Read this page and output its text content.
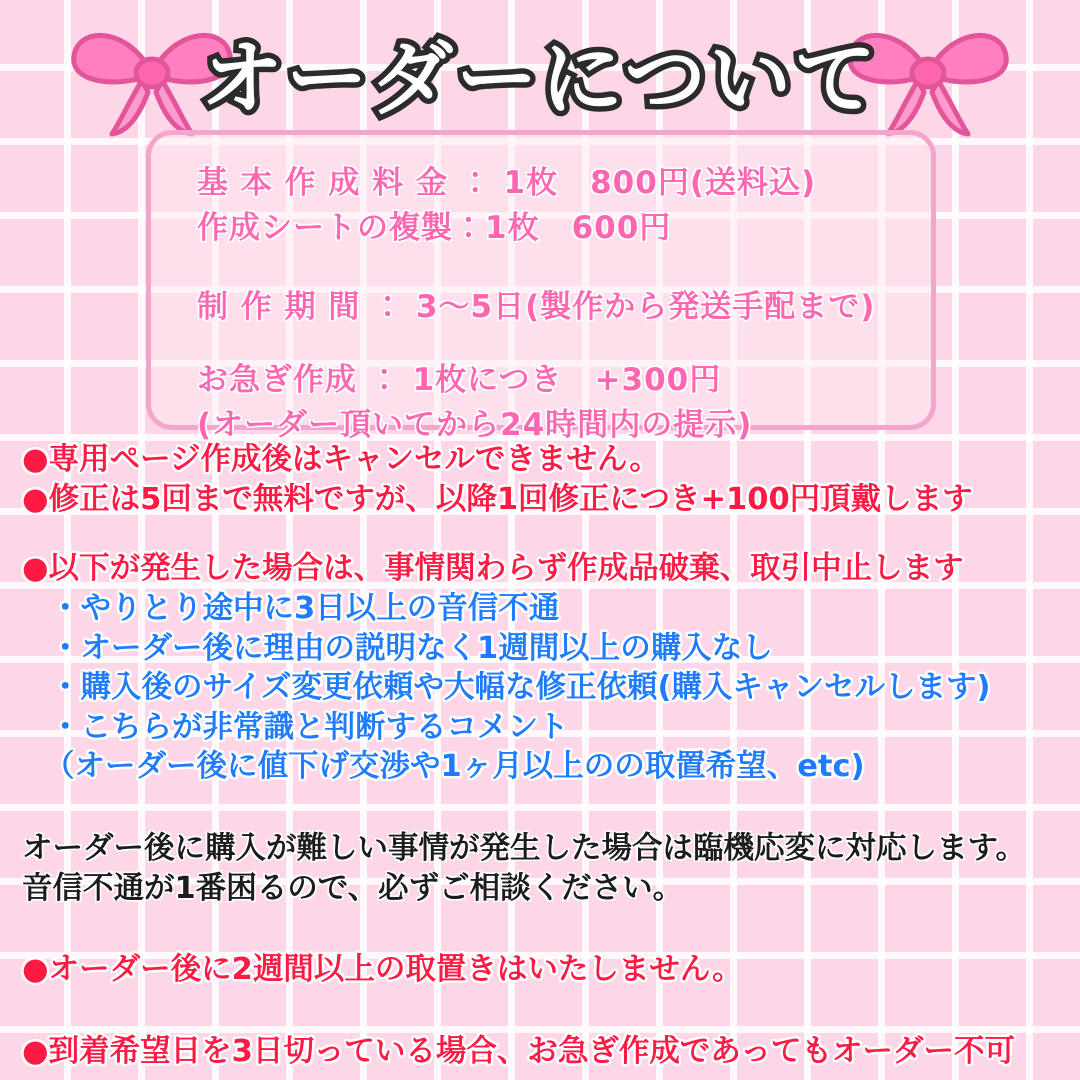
オーダーについて
基 本 作 成 料 金 ： 1枚　800円(送料込)
作成シートの複製：1枚　600円
制 作 期 間 ： 3〜5日(製作から発送手配まで)
お急ぎ作成 ： 1枚につき　+300円
(オーダー頂いてから24時間内の提示)
●専用ページ作成後はキャンセルできません。
●修正は5回まで無料ですが、以降1回修正につき+100円頂戴します
●以下が発生した場合は、事情関わらず作成品破棄、取引中止します
・やりとり途中に3日以上の音信不通
・オーダー後に理由の説明なく1週間以上の購入なし
・購入後のサイズ変更依頼や大幅な修正依頼(購入キャンセルします)
・こちらが非常識と判断するコメント
（オーダー後に値下げ交渉や1ヶ月以上のの取置希望、etc)
オーダー後に購入が難しい事情が発生した場合は臨機応変に対応します。
音信不通が1番困るので、必ずご相談ください。
●オーダー後に2週間以上の取置きはいたしません。
●到着希望日を3日切っている場合、お急ぎ作成であってもオーダー不可
